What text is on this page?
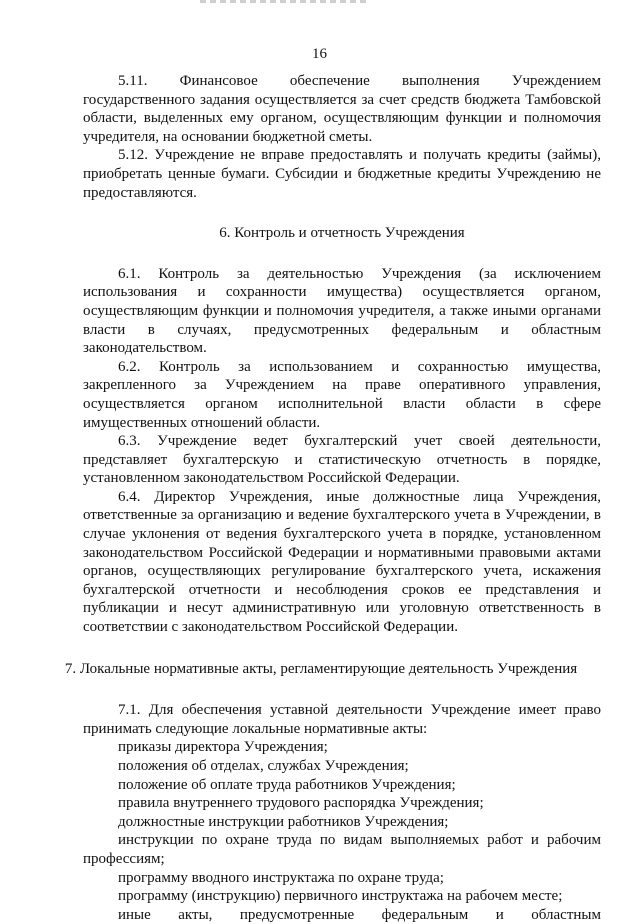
16

5.11. Финансовое обеспечение выполнения Учреждением государственного задания осуществляется за счет средств бюджета Тамбовской области, выделенных ему органом, осуществляющим функции и полномочия учредителя, на основании бюджетной сметы.

5.12. Учреждение не вправе предоставлять и получать кредиты (займы), приобретать ценные бумаги. Субсидии и бюджетные кредиты Учреждению не предоставляются.

6. Контроль и отчетность Учреждения

6.1. Контроль за деятельностью Учреждения (за исключением использования и сохранности имущества) осуществляется органом, осуществляющим функции и полномочия учредителя, а также иными органами власти в случаях, предусмотренных федеральным и областным законодательством.

6.2. Контроль за использованием и сохранностью имущества, закрепленного за Учреждением на праве оперативного управления, осуществляется органом исполнительной власти области в сфере имущественных отношений области.

6.3. Учреждение ведет бухгалтерский учет своей деятельности, представляет бухгалтерскую и статистическую отчетность в порядке, установленном законодательством Российской Федерации.

6.4. Директор Учреждения, иные должностные лица Учреждения, ответственные за организацию и ведение бухгалтерского учета в Учреждении, в случае уклонения от ведения бухгалтерского учета в порядке, установленном законодательством Российской Федерации и нормативными правовыми актами органов, осуществляющих регулирование бухгалтерского учета, искажения бухгалтерской отчетности и несоблюдения сроков ее представления и публикации и несут административную или уголовную ответственность в соответствии с законодательством Российской Федерации.

7. Локальные нормативные акты, регламентирующие деятельность Учреждения

7.1. Для обеспечения уставной деятельности Учреждение имеет право принимать следующие локальные нормативные акты:

приказы директора Учреждения;

положения об отделах, службах Учреждения;

положение об оплате труда работников Учреждения;

правила внутреннего трудового распорядка Учреждения;

должностные инструкции работников Учреждения;

инструкции по охране труда по видам выполняемых работ и рабочим профессиям;

программу вводного инструктажа по охране труда;

программу (инструкцию) первичного инструктажа на рабочем месте;

иные акты, предусмотренные федеральным и областным
